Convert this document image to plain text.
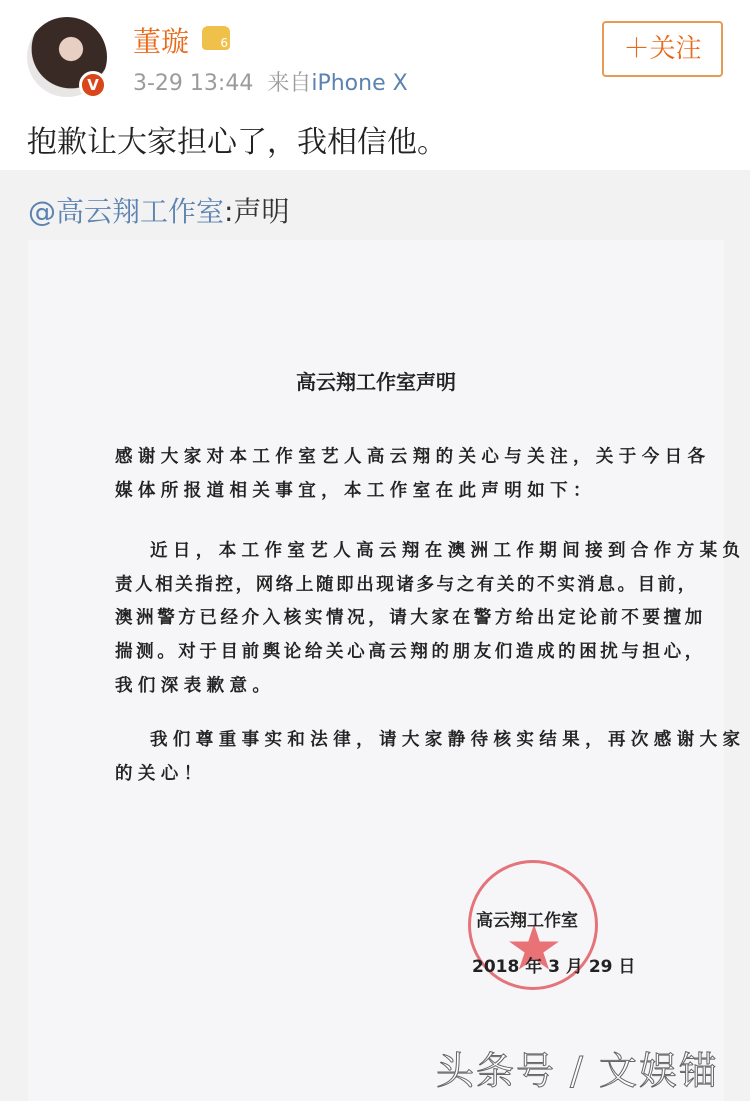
V
董璇	6
3-29 13:44 来自iPhone X
＋关注
抱歉让大家担心了，我相信他。
@高云翔工作室:声明
高云翔工作室声明
感谢大家对本工作室艺人高云翔的关心与关注，关于今日各
媒体所报道相关事宜，本工作室在此声明如下：
近日，本工作室艺人高云翔在澳洲工作期间接到合作方某负
责人相关指控，网络上随即出现诸多与之有关的不实消息。目前，
澳洲警方已经介入核实情况，请大家在警方给出定论前不要擅加
揣测。对于目前舆论给关心高云翔的朋友们造成的困扰与担心，
我们深表歉意。
我们尊重事实和法律，请大家静待核实结果，再次感谢大家
的关心！
高云翔工作室
2018 年 3 月 29 日
头条号 / 文娱锚
